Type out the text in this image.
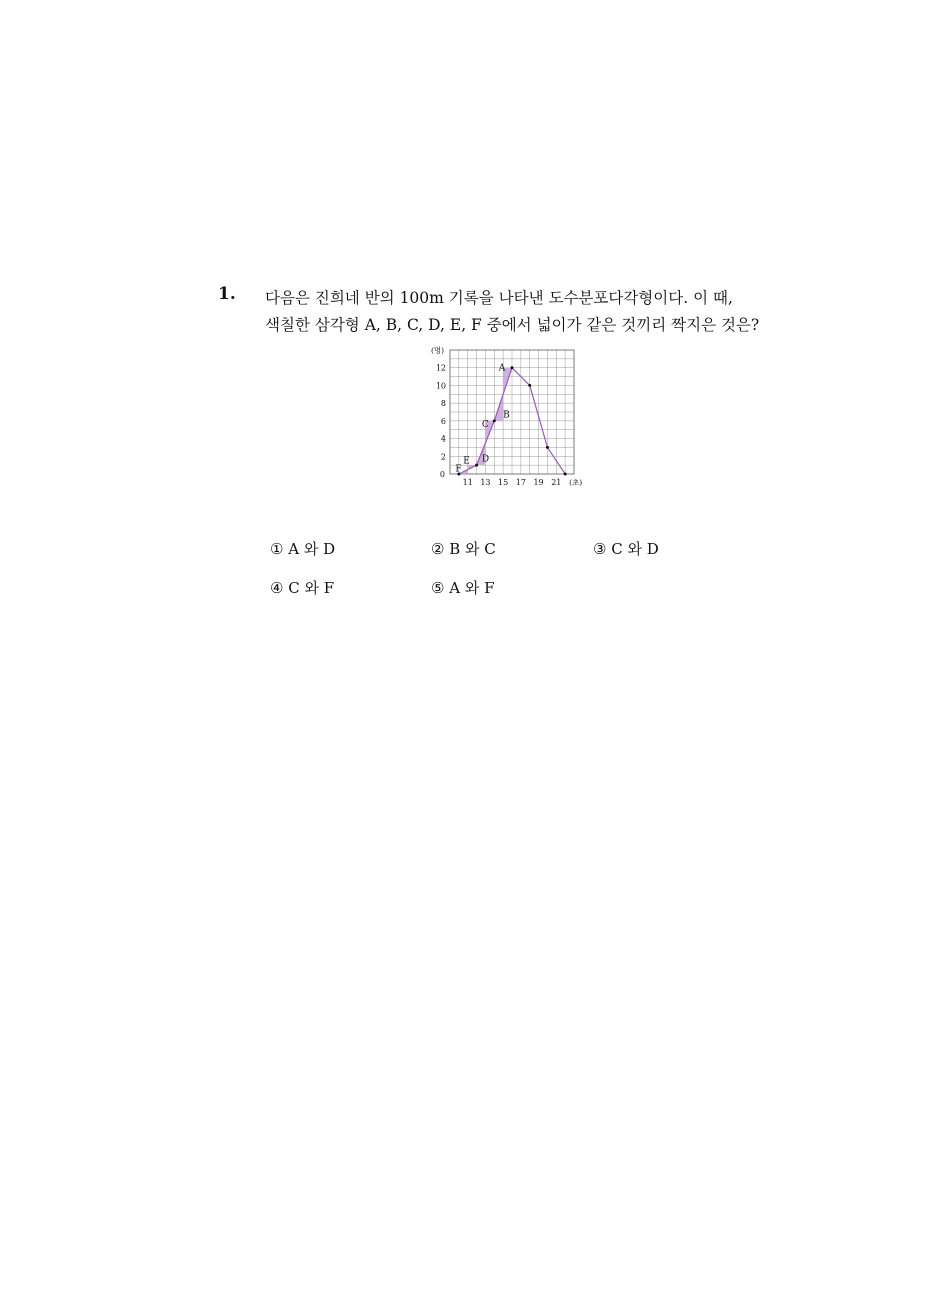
1. 다음은 진희네 반의 100m 기록을 나타낸 도수분포다각형이다. 이 때,
색칠한 삼각형 A, B, C, D, E, F 중에서 넓이가 같은 것끼리 짝지은 것은?
0
2
4
6
8
10
12
11 13 15 17 19 21
(명)
(초)
A
B
C
D
E
F
① A 와 D	② B 와 C	③ C 와 D
④ C 와 F	⑤ A 와 F
